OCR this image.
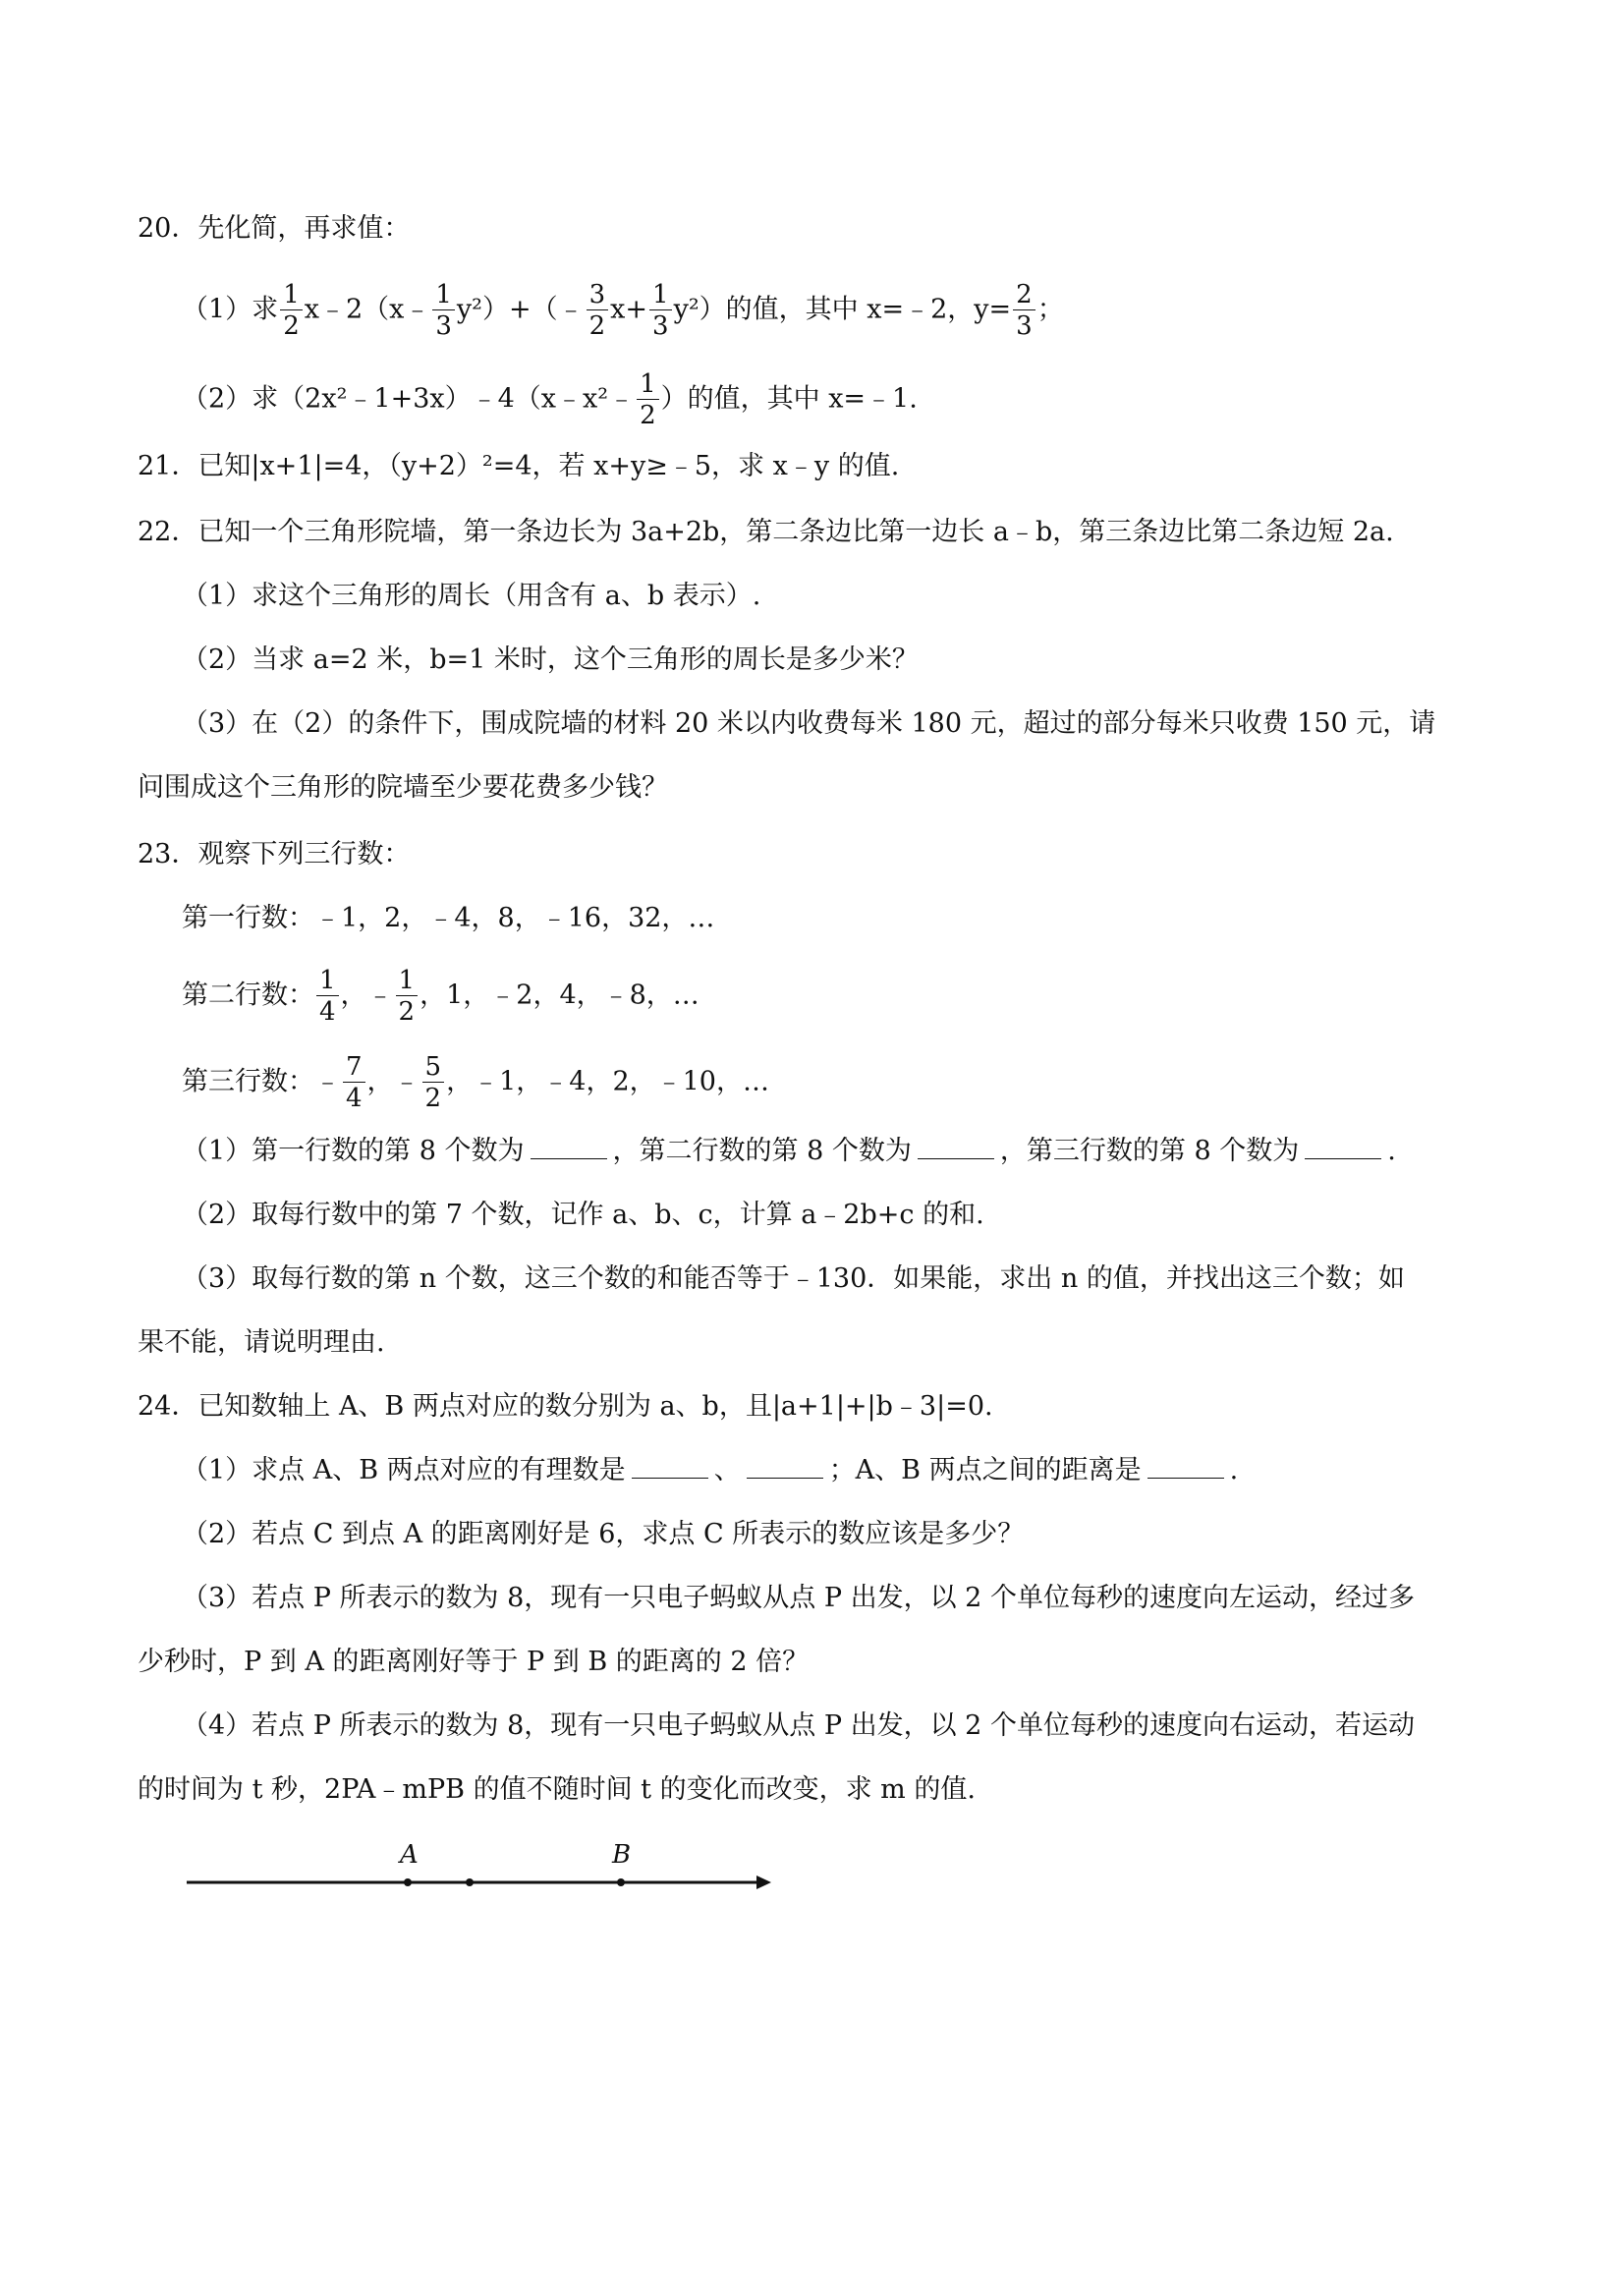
20．先化简，再求值：
（1）求 $\frac{1}{2}$ x﹣2（x﹣ $\frac{1}{3}$ y²）+（﹣ $\frac{3}{2} x+ \frac{1}{3} y^2$）的值，其中 x=﹣2，$y= \frac{2}{3}$ ；
（2）求（2x²﹣1+3x）﹣4（x﹣x²﹣ $\frac{1}{2}$ ）的值，其中 x=﹣1.
21．已知|x+1|=4，（y+2）²=4，若 x+y≥﹣5，求 x﹣y 的值.
22．已知一个三角形院墙，第一条边长为 3a+2b，第二条边比第一边长 a﹣b，第三条边比第二条边短 2a.
（1）求这个三角形的周长（用含有 a、b 表示）.
（2）当求 a=2 米，b=1 米时，这个三角形的周长是多少米？
（3）在（2）的条件下，围成院墙的材料 20 米以内收费每米 180 元，超过的部分每米只收费 150 元，请
问围成这个三角形的院墙至少要花费多少钱？
23．观察下列三行数：
第一行数：﹣1，2，﹣4，8，﹣16，32，…
第二行数： $\frac{1}{4}$ ，﹣ $\frac{1}{2}$ ，1，﹣2，4，﹣8，…
第三行数：﹣ $\frac{7}{4}$ ，﹣ $\frac{5}{2}$ ，﹣1，﹣4，2，﹣10，…
（1）第一行数的第 8 个数为	，第二行数的第 8 个数为	，第三行数的第 8 个数为	.
（2）取每行数中的第 7 个数，记作 a、b、c，计算 a﹣2b+c 的和.
（3）取每行数的第 n 个数，这三个数的和能否等于﹣130．如果能，求出 n 的值，并找出这三个数；如
果不能，请说明理由.
24．已知数轴上 A、B 两点对应的数分别为 a、b，且|a+1|+|b﹣3|=0.
（1）求点 A、B 两点对应的有理数是	、	；A、B 两点之间的距离是	.
（2）若点 C 到点 A 的距离刚好是 6，求点 C 所表示的数应该是多少？
（3）若点 P 所表示的数为 8，现有一只电子蚂蚁从点 P 出发，以 2 个单位每秒的速度向左运动，经过多
少秒时，P 到 A 的距离刚好等于 P 到 B 的距离的 2 倍？
（4）若点 P 所表示的数为 8，现有一只电子蚂蚁从点 P 出发，以 2 个单位每秒的速度向右运动，若运动
的时间为 t 秒，2PA﹣mPB 的值不随时间 t 的变化而改变，求 m 的值.
A	B
